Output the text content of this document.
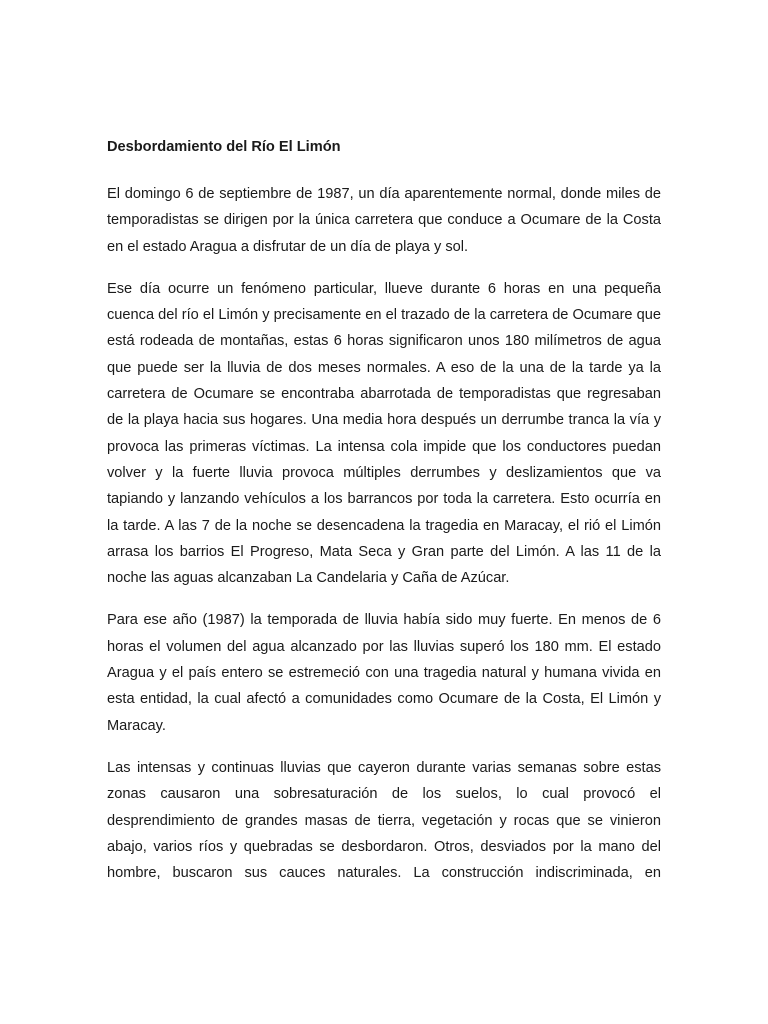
Desbordamiento del Río El Limón

El domingo 6 de septiembre de 1987, un día aparentemente normal, donde miles de temporadistas se dirigen por la única carretera que conduce a Ocumare de la Costa en el estado Aragua a disfrutar de un día de playa y sol.

Ese día ocurre un fenómeno particular, llueve durante 6 horas en una pequeña cuenca del río el Limón y precisamente en el trazado de la carretera de Ocumare que está rodeada de montañas, estas 6 horas significaron unos 180 milímetros de agua que puede ser la lluvia de dos meses normales. A eso de la una de la tarde ya la carretera de Ocumare se encontraba abarrotada de temporadistas que regresaban de la playa hacia sus hogares. Una media hora después un derrumbe tranca la vía y provoca las primeras víctimas. La intensa cola impide que los conductores puedan volver y la fuerte lluvia provoca múltiples derrumbes y deslizamientos que va tapiando y lanzando vehículos a los barrancos por toda la carretera. Esto ocurría en la tarde. A las 7 de la noche se desencadena la tragedia en Maracay, el rió el Limón arrasa los barrios El Progreso, Mata Seca y Gran parte del Limón. A las 11 de la noche las aguas alcanzaban La Candelaria y Caña de Azúcar.

Para ese año (1987) la temporada de lluvia había sido muy fuerte. En menos de 6 horas el volumen del agua alcanzado por las lluvias superó los 180 mm. El estado Aragua y el país entero se estremeció con una tragedia natural y humana vivida en esta entidad, la cual afectó a comunidades como Ocumare de la Costa, El Limón y Maracay.

Las intensas y continuas lluvias que cayeron durante varias semanas sobre estas zonas causaron una sobresaturación de los suelos, lo cual provocó el desprendimiento de grandes masas de tierra, vegetación y rocas que se vinieron abajo, varios ríos y quebradas se desbordaron. Otros, desviados por la mano del hombre, buscaron sus cauces naturales. La construcción indiscriminada, en
